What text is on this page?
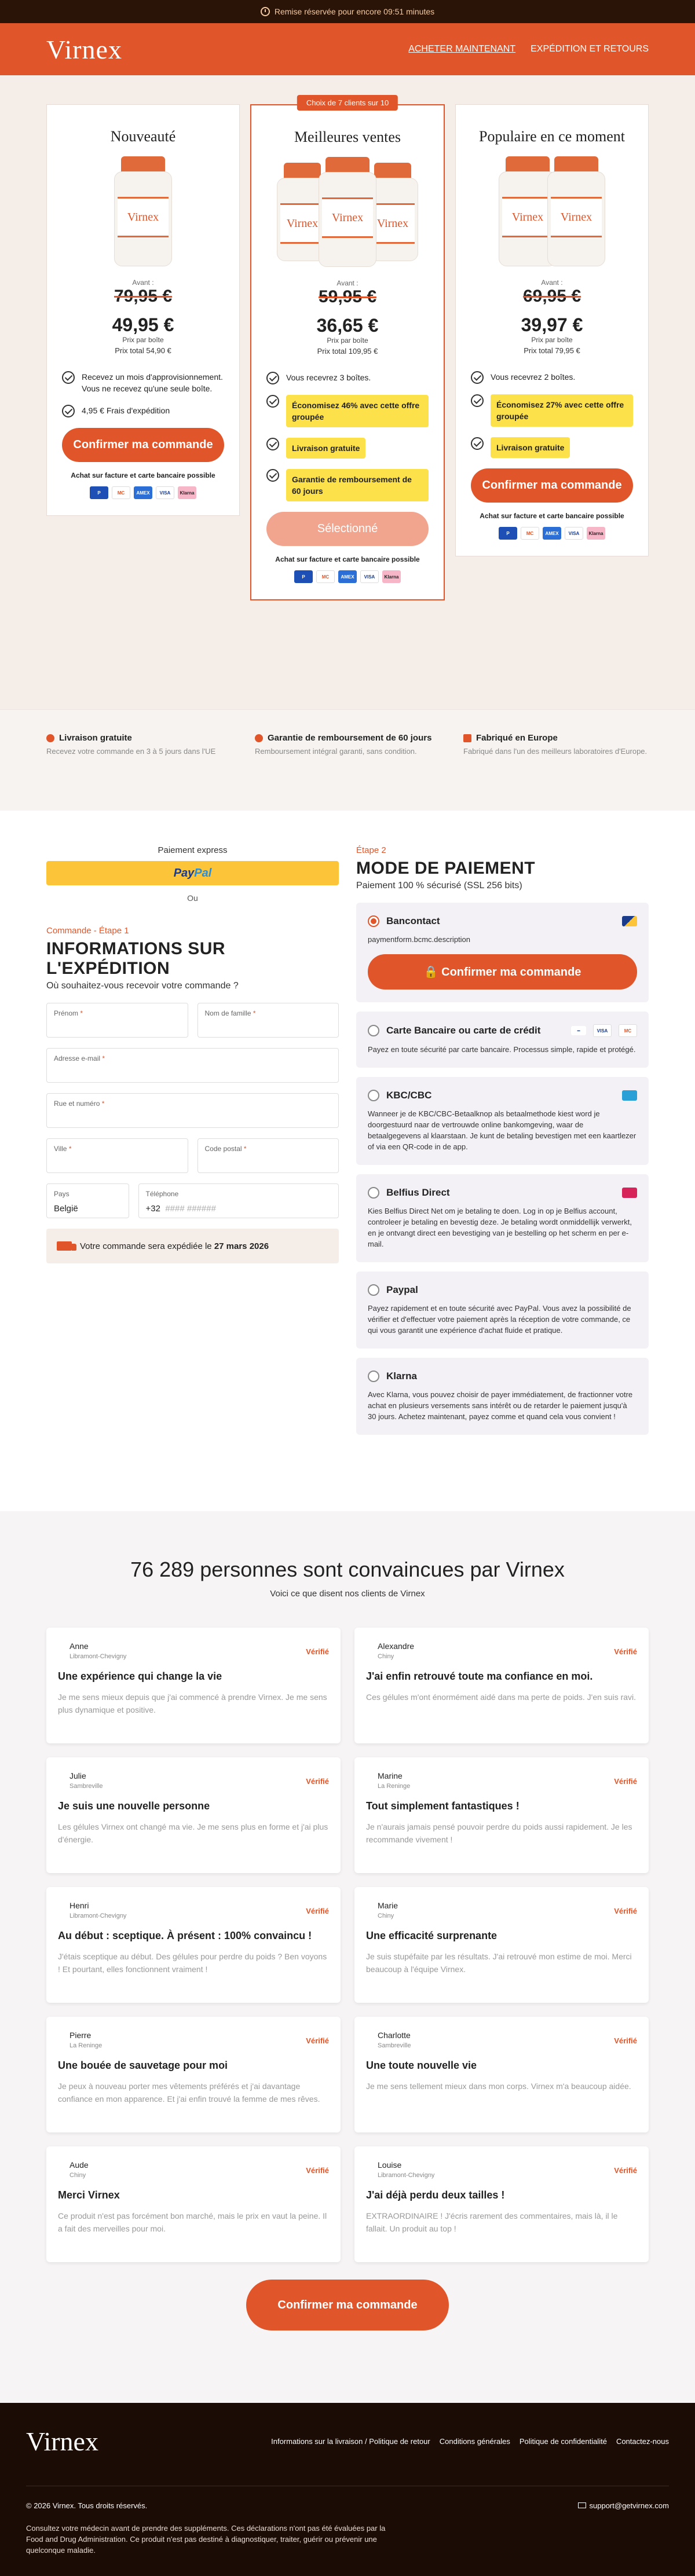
Remise réservée pour encore 09:51 minutes
Virnex	ACHETER MAINTENANT EXPÉDITION ET RETOURS
Nouveauté
Virnex
Avant :
79,95 €
49,95 €
Prix par boîte
Prix total 54,90 €
Recevez un mois d'approvisionnement. Vous ne recevez qu'une seule boîte.
4,95 € Frais d'expédition
Confirmer ma commande
Achat sur facture et carte bancaire possible
P	MC	AMEX	VISA	Klarna
Choix de 7 clients sur 10
Meilleures ventes
Virnex	Virnex	Virnex
Avant :
59,95 €
36,65 €
Prix par boîte
Prix total 109,95 €
Vous recevrez 3 boîtes.
Économisez 46% avec cette offre groupée
Livraison gratuite
Garantie de remboursement de 60 jours
Sélectionné
Achat sur facture et carte bancaire possible
P	MC	AMEX	VISA	Klarna
Populaire en ce moment
Virnex	Virnex
Avant :
69,95 €
39,97 €
Prix par boîte
Prix total 79,95 €
Vous recevrez 2 boîtes.
Économisez 27% avec cette offre groupée
Livraison gratuite
Confirmer ma commande
Achat sur facture et carte bancaire possible
P	MC	AMEX	VISA	Klarna
Livraison gratuite
Recevez votre commande en 3 à 5 jours dans l'UE
Garantie de remboursement de 60 jours
Remboursement intégral garanti, sans condition.
Fabriqué en Europe
Fabriqué dans l'un des meilleurs laboratoires d'Europe.
Paiement express
Pay Pal
Ou
Commande - Étape 1
INFORMATIONS SUR L'EXPÉDITION
Où souhaitez-vous recevoir votre commande ?
Prénom *	Nom de famille *
Adresse e-mail *
Rue et numéro *
Ville *	Code postal *
Pays
België
Téléphone
+32 #### ######
Votre commande sera expédiée le 27 mars 2026
Étape 2
MODE DE PAIEMENT
Paiement 100 % sécurisé (SSL 256 bits)
Bancontact
paymentform.bcmc.description
🔒 Confirmer ma commande
Carte Bancaire ou carte de crédit	━	VISA	MC
Payez en toute sécurité par carte bancaire. Processus simple, rapide et protégé.
KBC/CBC
Wanneer je de KBC/CBC-Betaalknop als betaalmethode kiest word je doorgestuurd naar de vertrouwde online bankomgeving, waar de betaalgegevens al klaarstaan. Je kunt de betaling bevestigen met een kaartlezer of via een QR-code in de app.
Belfius Direct
Kies Belfius Direct Net om je betaling te doen. Log in op je Belfius account, controleer je betaling en bevestig deze. Je betaling wordt onmiddellijk verwerkt, en je ontvangt direct een bevestiging van je bestelling op het scherm en per e-mail.
Paypal
Payez rapidement et en toute sécurité avec PayPal. Vous avez la possibilité de vérifier et d'effectuer votre paiement après la réception de votre commande, ce qui vous garantit une expérience d'achat fluide et pratique.
Klarna
Avec Klarna, vous pouvez choisir de payer immédiatement, de fractionner votre achat en plusieurs versements sans intérêt ou de retarder le paiement jusqu'à 30 jours. Achetez maintenant, payez comme et quand cela vous convient !
76 289 personnes sont convaincues par Virnex
Voici ce que disent nos clients de Virnex
Anne
Libramont-Chevigny
Vérifié
Une expérience qui change la vie
Je me sens mieux depuis que j'ai commencé à prendre Virnex. Je me sens plus dynamique et positive.
Alexandre
Chiny
Vérifié
J'ai enfin retrouvé toute ma confiance en moi.
Ces gélules m'ont énormément aidé dans ma perte de poids. J'en suis ravi.
Julie
Sambreville
Vérifié
Je suis une nouvelle personne
Les gélules Virnex ont changé ma vie. Je me sens plus en forme et j'ai plus d'énergie.
Marine
La Reninge
Vérifié
Tout simplement fantastiques !
Je n'aurais jamais pensé pouvoir perdre du poids aussi rapidement. Je les recommande vivement !
Henri
Libramont-Chevigny
Vérifié
Au début : sceptique. À présent : 100% convaincu !
J'étais sceptique au début. Des gélules pour perdre du poids ? Ben voyons ! Et pourtant, elles fonctionnent vraiment !
Marie
Chiny
Vérifié
Une efficacité surprenante
Je suis stupéfaite par les résultats. J'ai retrouvé mon estime de moi. Merci beaucoup à l'équipe Virnex.
Pierre
La Reninge
Vérifié
Une bouée de sauvetage pour moi
Je peux à nouveau porter mes vêtements préférés et j'ai davantage confiance en mon apparence. Et j'ai enfin trouvé la femme de mes rêves.
Charlotte
Sambreville
Vérifié
Une toute nouvelle vie
Je me sens tellement mieux dans mon corps. Virnex m'a beaucoup aidée.
Aude
Chiny
Vérifié
Merci Virnex
Ce produit n'est pas forcément bon marché, mais le prix en vaut la peine. Il a fait des merveilles pour moi.
Louise
Libramont-Chevigny
Vérifié
J'ai déjà perdu deux tailles !
EXTRAORDINAIRE ! J'écris rarement des commentaires, mais là, il le fallait. Un produit au top !
Confirmer ma commande
Virnex	Informations sur la livraison / Politique de retour Conditions générales Politique de confidentialité Contactez-nous
© 2026 Virnex. Tous droits réservés.	support@getvirnex.com
Consultez votre médecin avant de prendre des suppléments. Ces déclarations n'ont pas été évaluées par la Food and Drug Administration. Ce produit n'est pas destiné à diagnostiquer, traiter, guérir ou prévenir une quelconque maladie.
